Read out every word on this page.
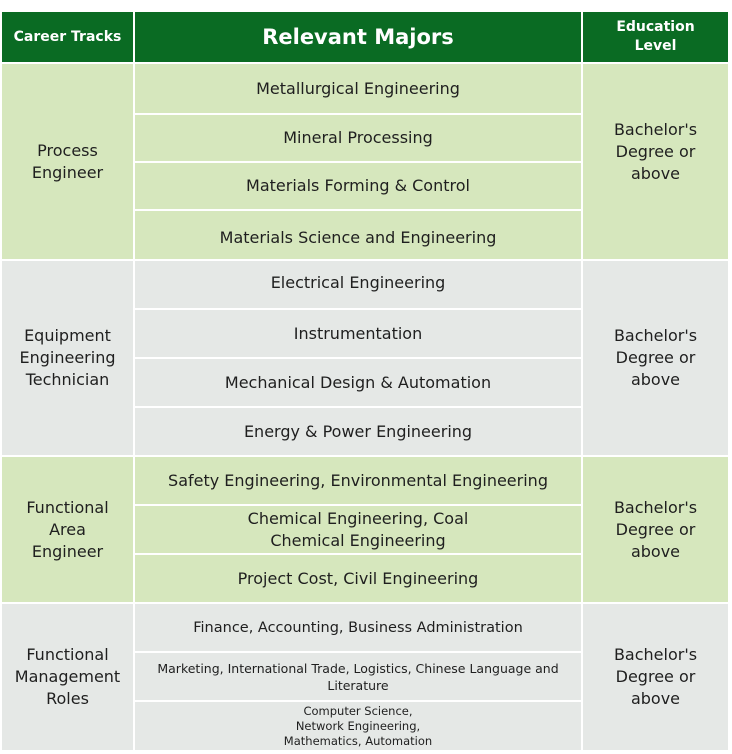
Career Tracks	Relevant Majors	Education
Level
Process
Engineer
Metallurgical Engineering
Mineral Processing
Materials Forming & Control
Materials Science and Engineering
Bachelor's
Degree or
above
Equipment
Engineering
Technician
Electrical Engineering
Instrumentation
Mechanical Design & Automation
Energy & Power Engineering
Bachelor's
Degree or
above
Functional
Area
Engineer
Safety Engineering, Environmental Engineering
Chemical Engineering, Coal
Chemical Engineering
Project Cost, Civil Engineering
Bachelor's
Degree or
above
Functional
Management
Roles
Finance, Accounting, Business Administration
Marketing, International Trade, Logistics, Chinese Language and
Literature
Computer Science,
Network Engineering,
Mathematics, Automation
Bachelor's
Degree or
above
